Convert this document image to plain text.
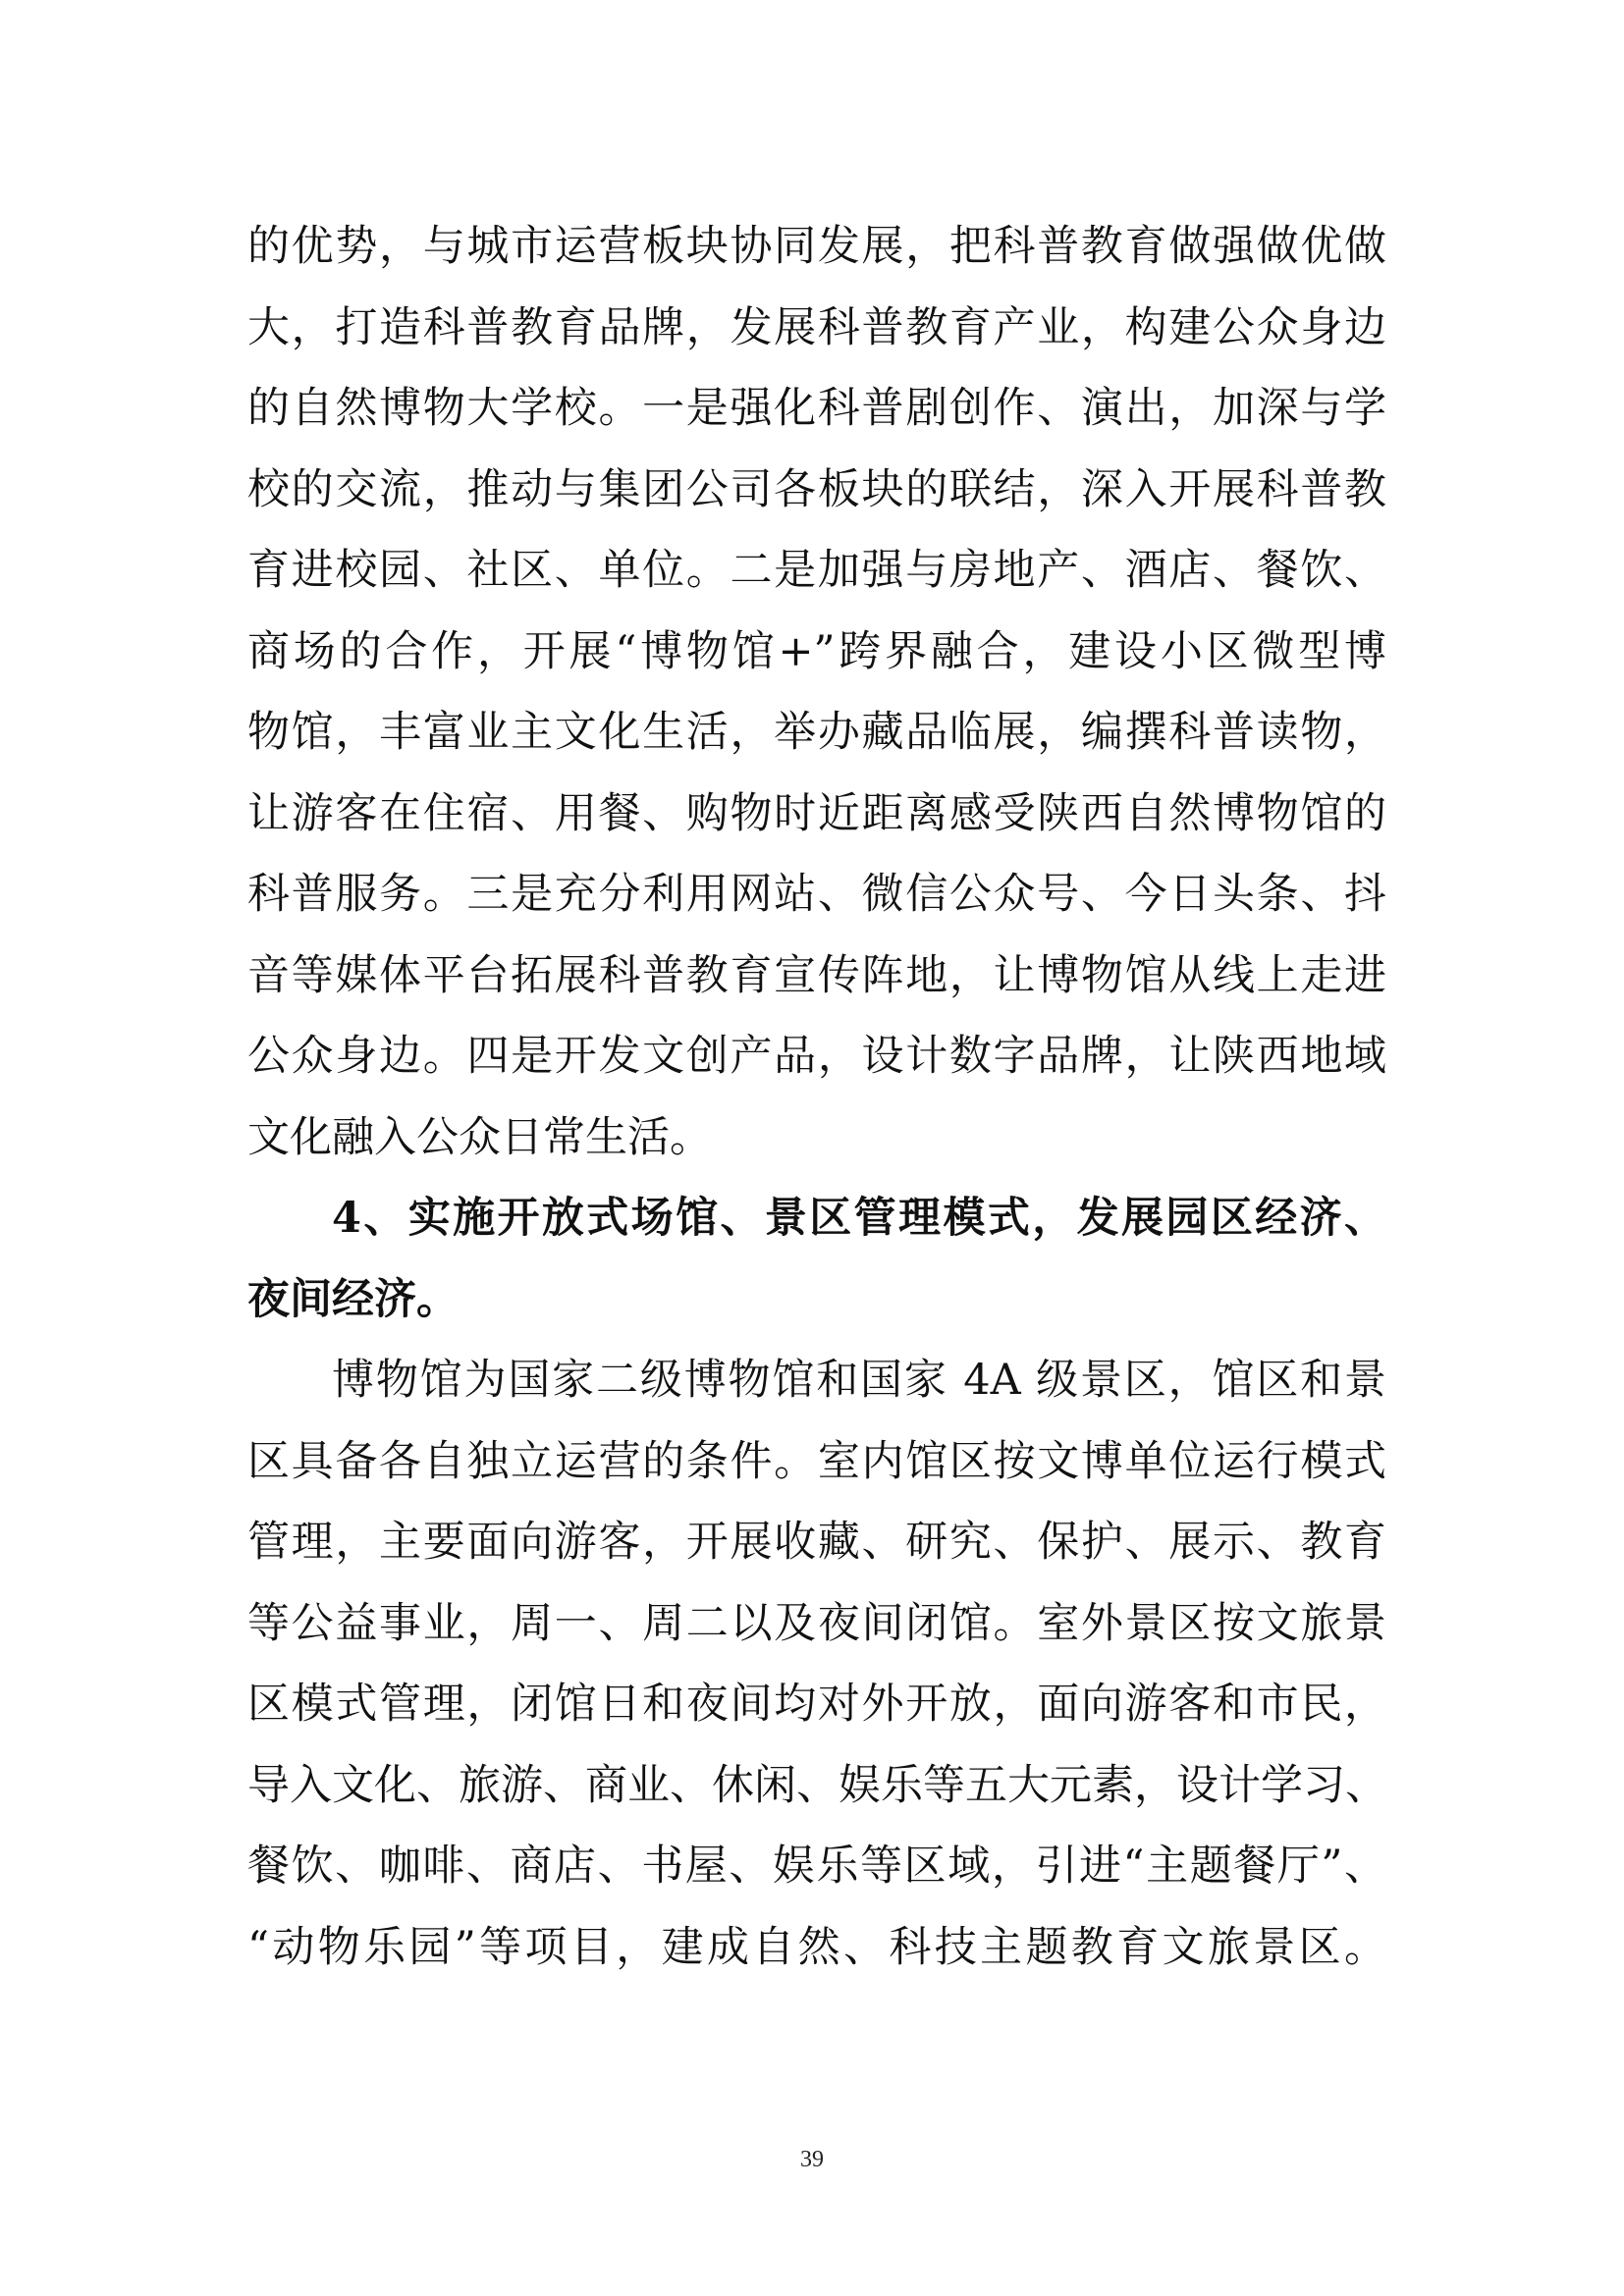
的优势，与城市运营板块协同发展，把科普教育做强做优做
大，打造科普教育品牌，发展科普教育产业，构建公众身边
的自然博物大学校。一是强化科普剧创作、演出，加深与学
校的交流，推动与集团公司各板块的联结，深入开展科普教
育进校园、社区、单位。二是加强与房地产、酒店、餐饮、
商场的合作，开展“博物馆+”跨界融合，建设小区微型博
物馆，丰富业主文化生活，举办藏品临展，编撰科普读物，
让游客在住宿、用餐、购物时近距离感受陕西自然博物馆的
科普服务。三是充分利用网站、微信公众号、今日头条、抖
音等媒体平台拓展科普教育宣传阵地，让博物馆从线上走进
公众身边。四是开发文创产品，设计数字品牌，让陕西地域
文化融入公众日常生活。
4、实施开放式场馆、景区管理模式，发展园区经济、
夜间经济。
博物馆为国家二级博物馆和国家 4A 级景区，馆区和景
区具备各自独立运营的条件。室内馆区按文博单位运行模式
管理，主要面向游客，开展收藏、研究、保护、展示、教育
等公益事业，周一、周二以及夜间闭馆。室外景区按文旅景
区模式管理，闭馆日和夜间均对外开放，面向游客和市民，
导入文化、旅游、商业、休闲、娱乐等五大元素，设计学习、
餐饮、咖啡、商店、书屋、娱乐等区域，引进“主题餐厅”、
“动物乐园”等项目，建成自然、科技主题教育文旅景区。
39
